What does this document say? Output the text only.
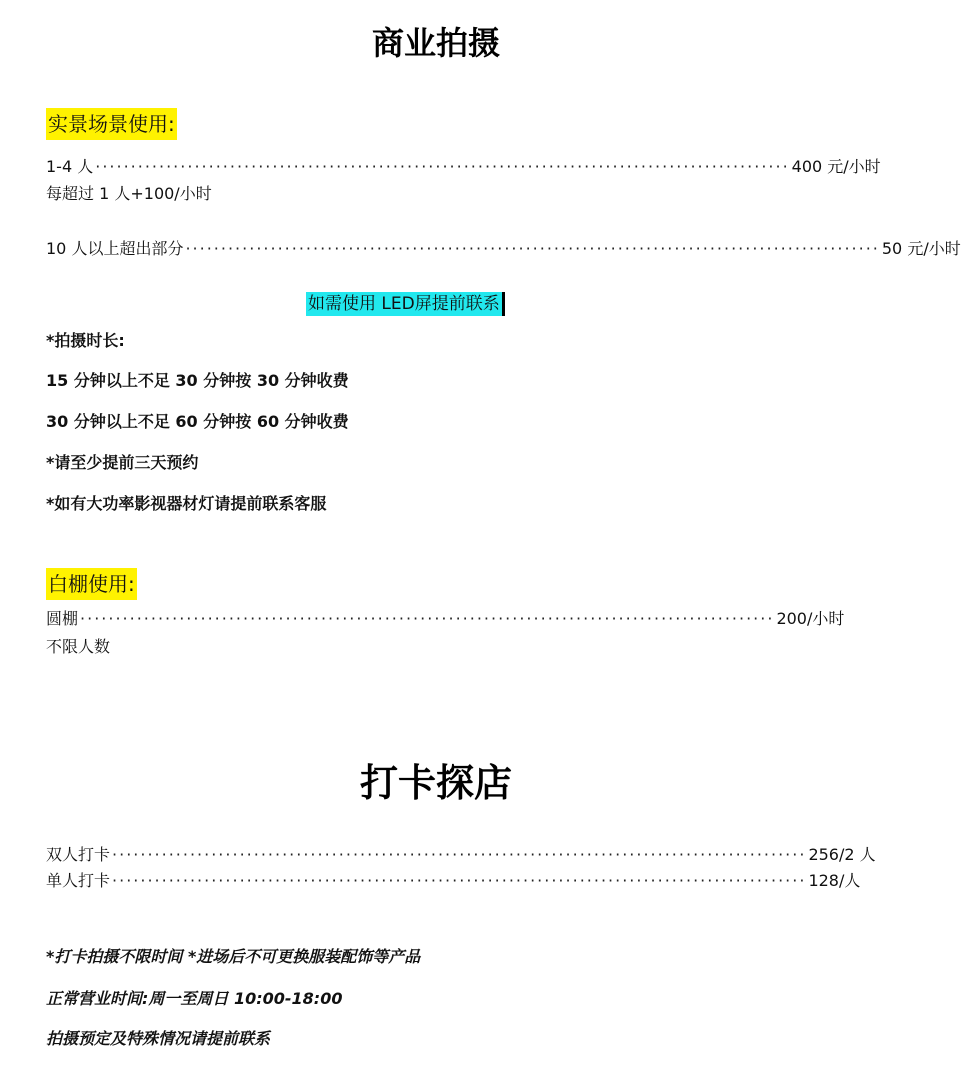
商业拍摄
实景场景使用:
1-4 人 ·································································································· 400 元/小时
每超过 1 人+100/小时
10 人以上超出部分 ·································································································· 50 元/小时
如需使用 LED屏提前联系
*拍摄时长:
15 分钟以上不足 30 分钟按 30 分钟收费
30 分钟以上不足 60 分钟按 60 分钟收费
*请至少提前三天预约
*如有大功率影视器材灯请提前联系客服
白棚使用:
圆棚 ·································································································· 200/小时
不限人数
打卡探店
双人打卡 ·································································································· 256/2 人
单人打卡 ·································································································· 128/人
*打卡拍摄不限时间 *进场后不可更换服装配饰等产品
正常营业时间:周一至周日 10:00-18:00
拍摄预定及特殊情况请提前联系
